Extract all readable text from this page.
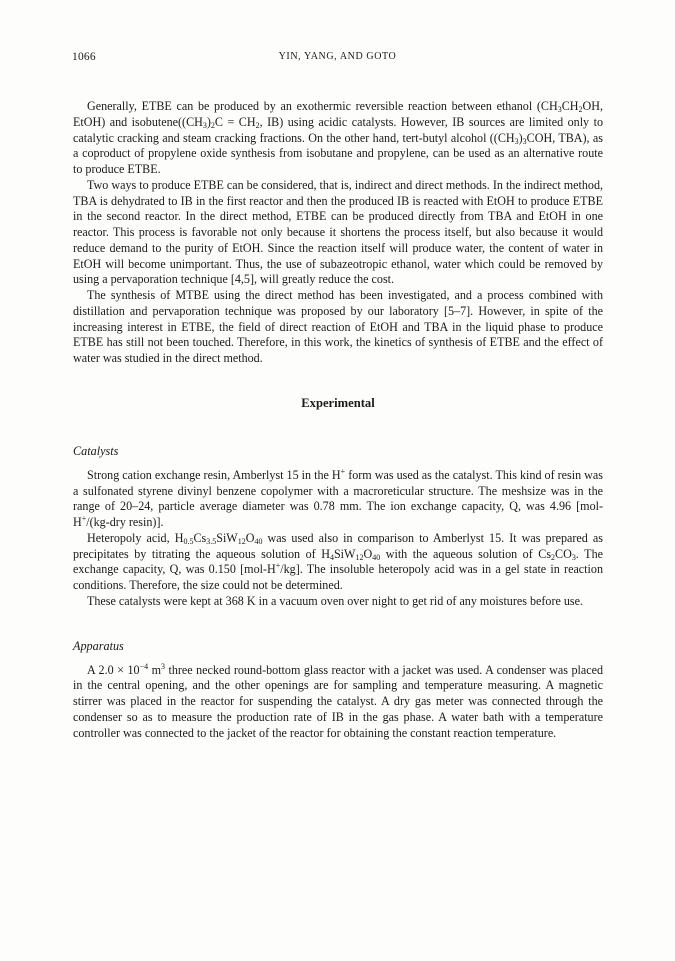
1066	YIN, YANG, AND GOTO

Generally, ETBE can be produced by an exothermic reversible reaction between ethanol ($CH_3CH_2OH$, EtOH) and $isobutene((CH_3)_2C = CH_2$, IB) using acidic catalysts. However, IB sources are limited only to catalytic cracking and steam cracking fractions. On the other hand, tert-butyl alcohol ($(CH_3)_3COH$, TBA), as a coproduct of propylene oxide synthesis from isobutane and propylene, can be used as an alternative route to produce ETBE.

Two ways to produce ETBE can be considered, that is, indirect and direct methods. In the indirect method, TBA is dehydrated to IB in the first reactor and then the produced IB is reacted with EtOH to produce ETBE in the second reactor. In the direct method, ETBE can be produced directly from TBA and EtOH in one reactor. This process is favorable not only because it shortens the process itself, but also because it would reduce demand to the purity of EtOH. Since the reaction itself will produce water, the content of water in EtOH will become unimportant. Thus, the use of subazeotropic ethanol, water which could be removed by using a pervaporation technique [4,5], will greatly reduce the cost.

The synthesis of MTBE using the direct method has been investigated, and a process combined with distillation and pervaporation technique was proposed by our laboratory [5–7]. However, in spite of the increasing interest in ETBE, the field of direct reaction of EtOH and TBA in the liquid phase to produce ETBE has still not been touched. Therefore, in this work, the kinetics of synthesis of ETBE and the effect of water was studied in the direct method.

Experimental
Catalysts

Strong cation exchange resin, Amberlyst 15 in the H+ form was used as the catalyst. This kind of resin was a sulfonated styrene divinyl benzene copolymer with a macroreticular structure. The meshsize was in the range of 20–24, particle average diameter was 0.78 mm. The ion exchange capacity, Q, was 4.96 [mol-H+/(kg-dry resin)].

Heteropoly acid, $H_{0.5}Cs_{3.5}SiW_{12}O_{40}$ was used also in comparison to Amberlyst 15. It was prepared as precipitates by titrating the aqueous solution of $H_4SiW_{12}O_{40}$ with the aqueous solution of $Cs_2CO_3$. The exchange capacity, Q, was 0.150 [mol-H+/kg]. The insoluble heteropoly acid was in a gel state in reaction conditions. Therefore, the size could not be determined.

These catalysts were kept at 368 K in a vacuum oven over night to get rid of any moistures before use.

Apparatus

A $2.0 \times 10^{-4}$ $m^3$ three necked round-bottom glass reactor with a jacket was used. A condenser was placed in the central opening, and the other openings are for sampling and temperature measuring. A magnetic stirrer was placed in the reactor for suspending the catalyst. A dry gas meter was connected through the condenser so as to measure the production rate of IB in the gas phase. A water bath with a temperature controller was connected to the jacket of the reactor for obtaining the constant reaction temperature.
